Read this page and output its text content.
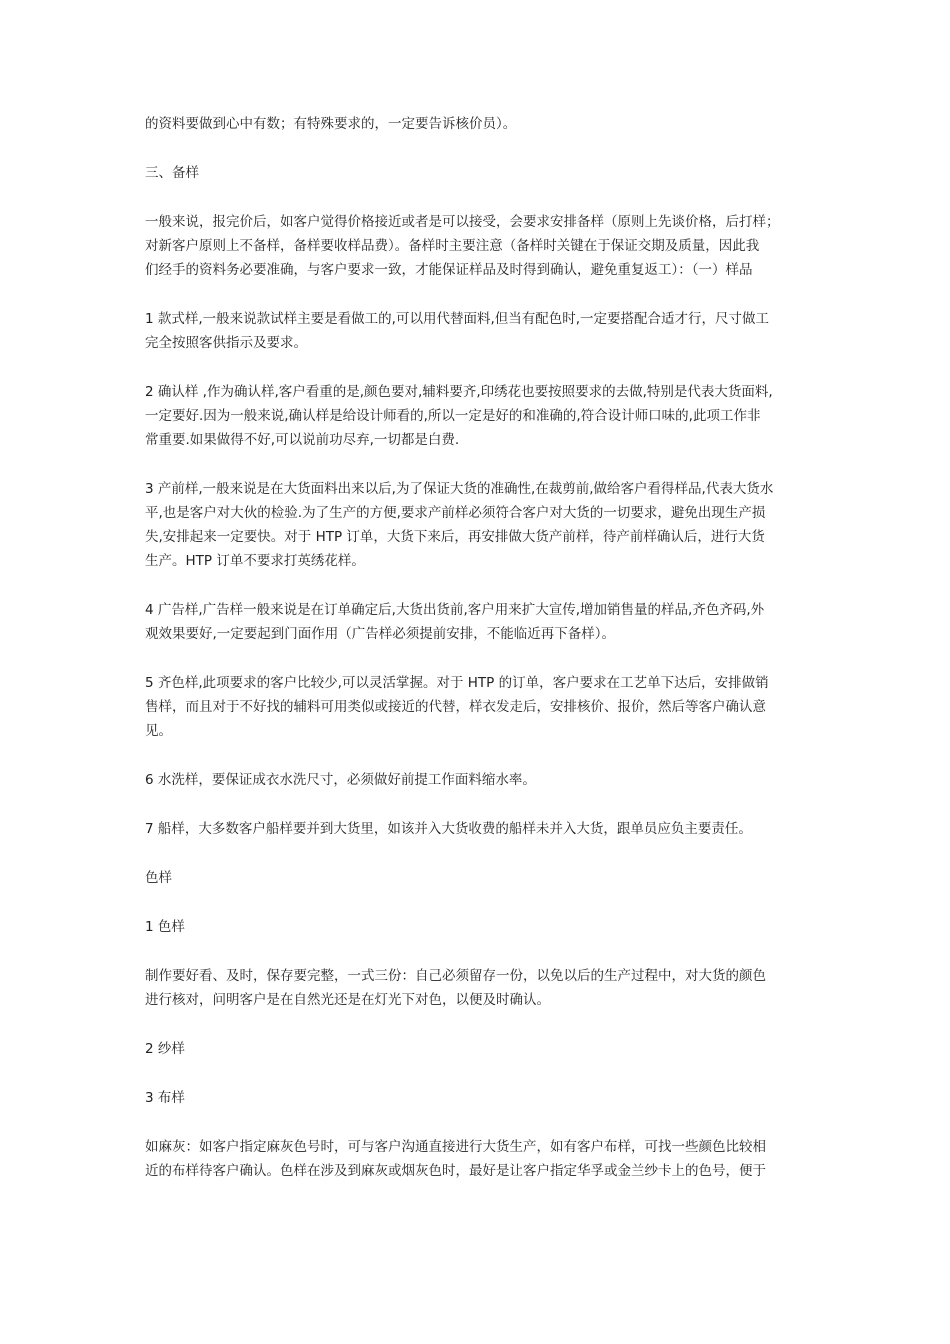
的资料要做到心中有数；有特殊要求的，一定要告诉核价员）。
三、备样
一般来说，报完价后，如客户觉得价格接近或者是可以接受，会要求安排备样（原则上先谈价格，后打样；
对新客户原则上不备样，备样要收样品费）。备样时主要注意（备样时关键在于保证交期及质量，因此我
们经手的资料务必要准确，与客户要求一致，才能保证样品及时得到确认，避免重复返工）：（一）样品
1 款式样,一般来说款试样主要是看做工的,可以用代替面料,但当有配色时,一定要搭配合适才行，尺寸做工
完全按照客供指示及要求。
2 确认样 ,作为确认样,客户看重的是,颜色要对,辅料要齐,印绣花也要按照要求的去做,特别是代表大货面料,
一定要好.因为一般来说,确认样是给设计师看的,所以一定是好的和准确的,符合设计师口味的,此项工作非
常重要.如果做得不好,可以说前功尽弃,一切都是白费.
3 产前样,一般来说是在大货面料出来以后,为了保证大货的准确性,在裁剪前,做给客户看得样品,代表大货水
平,也是客户对大伙的检验.为了生产的方便,要求产前样必须符合客户对大货的一切要求，避免出现生产损
失,安排起来一定要快。对于 HTP 订单，大货下来后，再安排做大货产前样，待产前样确认后，进行大货
生产。HTP 订单不要求打英绣花样。
4 广告样,广告样一般来说是在订单确定后,大货出货前,客户用来扩大宣传,增加销售量的样品,齐色齐码,外
观效果要好,一定要起到门面作用（广告样必须提前安排，不能临近再下备样）。
5 齐色样,此项要求的客户比较少,可以灵活掌握。对于 HTP 的订单，客户要求在工艺单下达后，安排做销
售样，而且对于不好找的辅料可用类似或接近的代替，样衣发走后，安排核价、报价，然后等客户确认意
见。
6 水洗样，要保证成衣水洗尺寸，必须做好前提工作面料缩水率。
7 船样，大多数客户船样要并到大货里，如该并入大货收费的船样未并入大货，跟单员应负主要责任。
色样
1 色样
制作要好看、及时，保存要完整，一式三份：自己必须留存一份，以免以后的生产过程中，对大货的颜色
进行核对，问明客户是在自然光还是在灯光下对色，以便及时确认。
2 纱样
3 布样
如麻灰：如客户指定麻灰色号时，可与客户沟通直接进行大货生产，如有客户布样，可找一些颜色比较相
近的布样待客户确认。色样在涉及到麻灰或烟灰色时，最好是让客户指定华孚或金兰纱卡上的色号，便于
